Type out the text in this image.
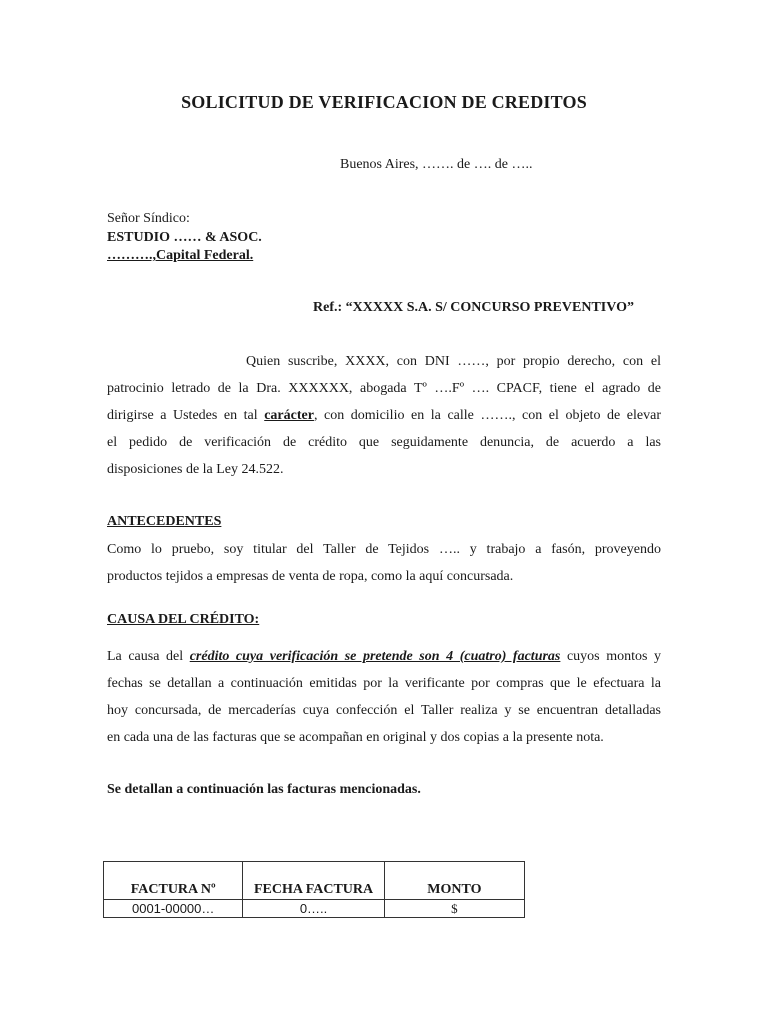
SOLICITUD DE VERIFICACION DE CREDITOS
Buenos Aires, ……. de …. de …..
Señor Síndico:
ESTUDIO …… & ASOC.
……….,Capital Federal.
Ref.: “XXXXX S.A. S/ CONCURSO PREVENTIVO”
Quien suscribe, XXXX, con DNI ……, por propio derecho, con el
patrocinio letrado de la Dra. XXXXXX, abogada Tº ….Fº …. CPACF, tiene el agrado de
dirigirse a Ustedes en tal carácter, con domicilio en la calle ……., con el objeto de elevar
el pedido de verificación de crédito que seguidamente denuncia, de acuerdo a las
disposiciones de la Ley 24.522.
ANTECEDENTES
Como lo pruebo, soy titular del Taller de Tejidos ….. y trabajo a fasón, proveyendo
productos tejidos a empresas de venta de ropa, como la aquí concursada.
CAUSA DEL CRÉDITO:
La causa del crédito cuya verificación se pretende son 4 (cuatro) facturas cuyos montos y
fechas se detallan a continuación emitidas por la verificante por compras que le efectuara la
hoy concursada, de mercaderías cuya confección el Taller realiza y se encuentran detalladas
en cada una de las facturas que se acompañan en original y dos copias a la presente nota.
Se detallan a continuación las facturas mencionadas.
FACTURA Nº	FECHA FACTURA	MONTO
0001-00000…	0…..	$
